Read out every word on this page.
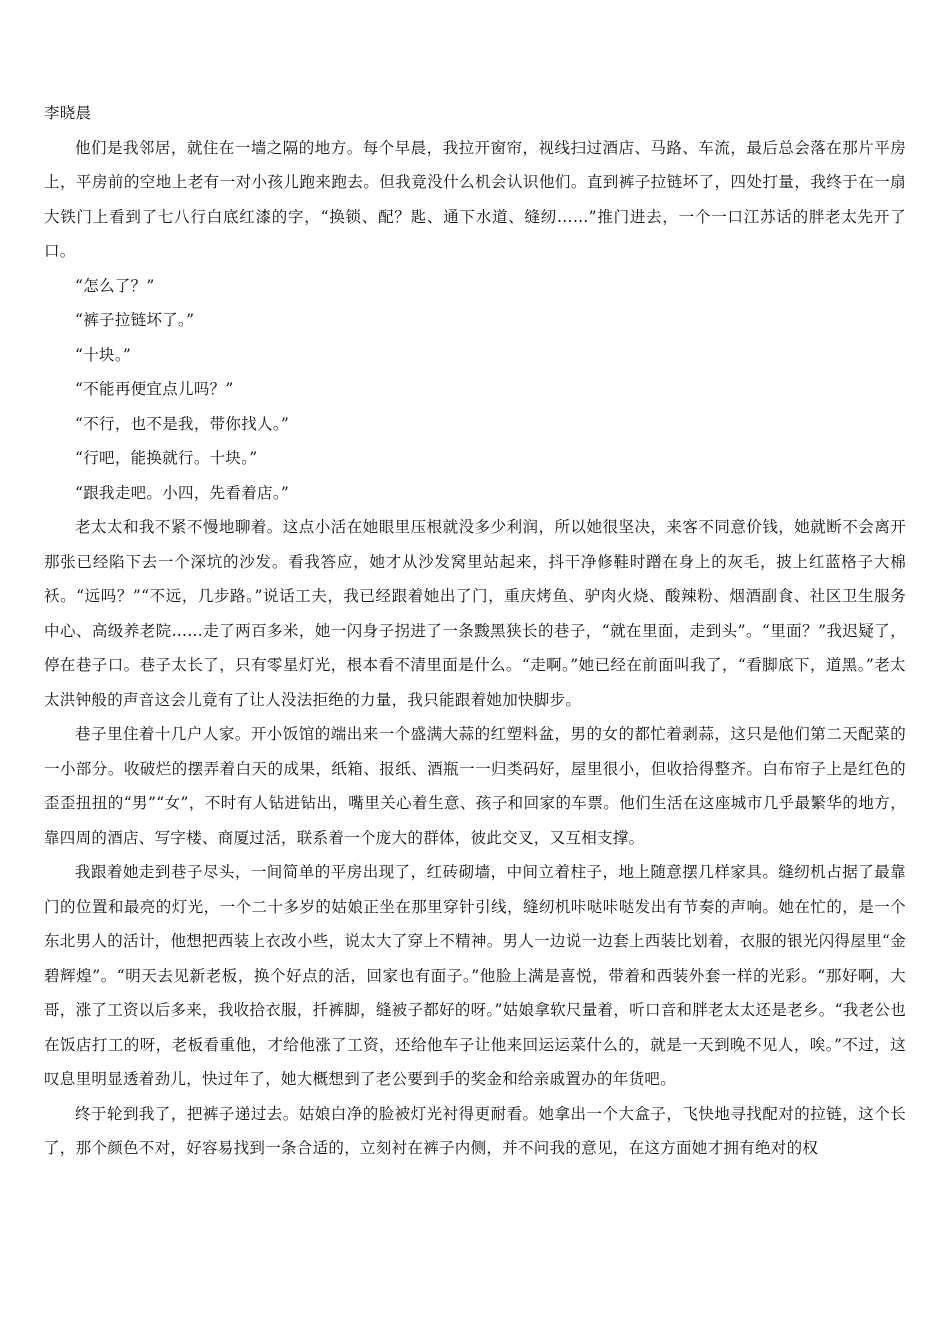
李晓晨

他们是我邻居，就住在一墙之隔的地方。每个早晨，我拉开窗帘，视线扫过酒店、马路、车流，最后总会落在那片平房上，平房前的空地上老有一对小孩儿跑来跑去。但我竟没什么机会认识他们。直到裤子拉链坏了，四处打量，我终于在一扇大铁门上看到了七八行白底红漆的字，“换锁、配？匙、通下水道、缝纫……”推门进去，一个一口江苏话的胖老太先开了口。

“怎么了？”

“裤子拉链坏了。”

“十块。”

“不能再便宜点儿吗？”

“不行，也不是我，带你找人。”

“行吧，能换就行。十块。”

“跟我走吧。小四，先看着店。”

老太太和我不紧不慢地聊着。这点小活在她眼里压根就没多少利润，所以她很坚决，来客不同意价钱，她就断不会离开那张已经陷下去一个深坑的沙发。看我答应，她才从沙发窝里站起来，抖干净修鞋时蹭在身上的灰毛，披上红蓝格子大棉袄。“远吗？”“不远，几步路。”说话工夫，我已经跟着她出了门，重庆烤鱼、驴肉火烧、酸辣粉、烟酒副食、社区卫生服务中心、高级养老院……走了两百多米，她一闪身子拐进了一条黢黑狭长的巷子，“就在里面，走到头”。“里面？”我迟疑了，停在巷子口。巷子太长了，只有零星灯光，根本看不清里面是什么。“走啊。”她已经在前面叫我了，“看脚底下，道黑。”老太太洪钟般的声音这会儿竟有了让人没法拒绝的力量，我只能跟着她加快脚步。

巷子里住着十几户人家。开小饭馆的端出来一个盛满大蒜的红塑料盆，男的女的都忙着剥蒜，这只是他们第二天配菜的一小部分。收破烂的摆弄着白天的成果，纸箱、报纸、酒瓶一一归类码好，屋里很小，但收拾得整齐。白布帘子上是红色的歪歪扭扭的“男”“女”，不时有人钻进钻出，嘴里关心着生意、孩子和回家的车票。他们生活在这座城市几乎最繁华的地方，靠四周的酒店、写字楼、商厦过活，联系着一个庞大的群体，彼此交叉，又互相支撑。

我跟着她走到巷子尽头，一间简单的平房出现了，红砖砌墙，中间立着柱子，地上随意摆几样家具。缝纫机占据了最靠门的位置和最亮的灯光，一个二十多岁的姑娘正坐在那里穿针引线，缝纫机咔哒咔哒发出有节奏的声响。她在忙的，是一个东北男人的活计，他想把西装上衣改小些，说太大了穿上不精神。男人一边说一边套上西装比划着，衣服的银光闪得屋里“金碧辉煌”。“明天去见新老板，换个好点的活，回家也有面子。”他脸上满是喜悦，带着和西装外套一样的光彩。“那好啊，大哥，涨了工资以后多来，我收拾衣服，扦裤脚，缝被子都好的呀。”姑娘拿软尺量着，听口音和胖老太太还是老乡。“我老公也在饭店打工的呀，老板看重他，才给他涨了工资，还给他车子让他来回运运菜什么的，就是一天到晚不见人，唉。”不过，这叹息里明显透着劲儿，快过年了，她大概想到了老公要到手的奖金和给亲戚置办的年货吧。

终于轮到我了，把裤子递过去。姑娘白净的脸被灯光衬得更耐看。她拿出一个大盒子，飞快地寻找配对的拉链，这个长了，那个颜色不对，好容易找到一条合适的，立刻衬在裤子内侧，并不问我的意见，在这方面她才拥有绝对的权
